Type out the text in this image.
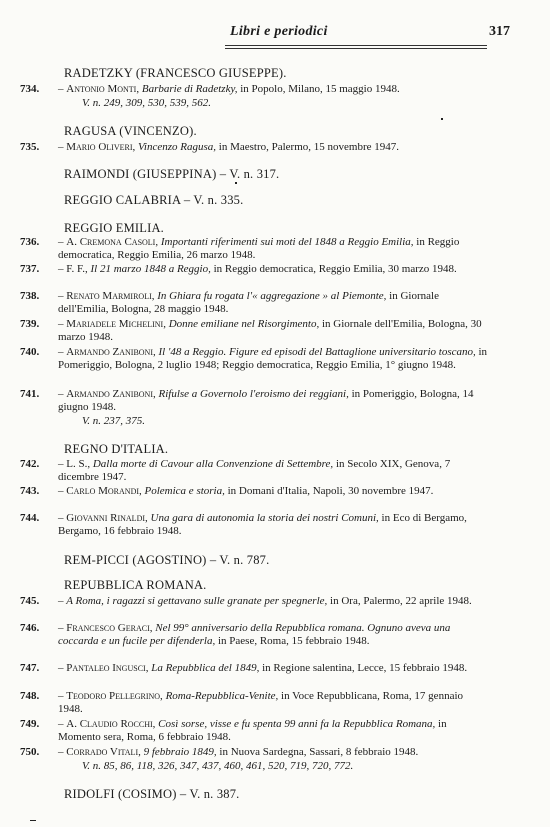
Libri e periodici	317
RADETZKY (FRANCESCO GIUSEPPE).
734.	– Antonio Monti, Barbarie di Radetzky, in Popolo, Milano, 15 maggio 1948.
V. n. 249, 309, 530, 539, 562.
RAGUSA (VINCENZO).
735.	– Mario Oliveri, Vincenzo Ragusa, in Maestro, Palermo, 15 novembre 1947.
RAIMONDI (GIUSEPPINA) – V. n. 317.
REGGIO CALABRIA – V. n. 335.
REGGIO EMILIA.
736.	– A. Cremona Casoli, Importanti riferimenti sui moti del 1848 a Reggio Emilia, in Reggio democratica, Reggio Emilia, 26 marzo 1948.
737.	– F. F., Il 21 marzo 1848 a Reggio, in Reggio democratica, Reggio Emilia, 30 marzo 1948.
738.	– Renato Marmiroli, In Ghiara fu rogata l'« aggregazione » al Piemonte, in Giornale dell'Emilia, Bologna, 28 maggio 1948.
739.	– Mariadele Michelini, Donne emiliane nel Risorgimento, in Giornale dell'Emilia, Bologna, 30 marzo 1948.
740.	– Armando Zaniboni, Il '48 a Reggio. Figure ed episodi del Battaglione universitario toscano, in Pomeriggio, Bologna, 2 luglio 1948; Reggio democratica, Reggio Emilia, 1° giugno 1948.
741.	– Armando Zaniboni, Rifulse a Governolo l'eroismo dei reggiani, in Pomeriggio, Bologna, 14 giugno 1948.
V. n. 237, 375.
REGNO D'ITALIA.
742.	– L. S., Dalla morte di Cavour alla Convenzione di Settembre, in Secolo XIX, Genova, 7 dicembre 1947.
743.	– Carlo Morandi, Polemica e storia, in Domani d'Italia, Napoli, 30 novembre 1947.
744.	– Giovanni Rinaldi, Una gara di autonomia la storia dei nostri Comuni, in Eco di Bergamo, Bergamo, 16 febbraio 1948.
REM-PICCI (AGOSTINO) – V. n. 787.
REPUBBLICA ROMANA.
745.	– A Roma, i ragazzi si gettavano sulle granate per spegnerle, in Ora, Palermo, 22 aprile 1948.
746.	– Francesco Geraci, Nel 99° anniversario della Repubblica romana. Ognuno aveva una coccarda e un fucile per difenderla, in Paese, Roma, 15 febbraio 1948.
747.	– Pantaleo Ingusci, La Repubblica del 1849, in Regione salentina, Lecce, 15 febbraio 1948.
748.	– Teodoro Pellegrino, Roma-Repubblica-Venite, in Voce Repubblicana, Roma, 17 gennaio 1948.
749.	– A. Claudio Rocchi, Così sorse, visse e fu spenta 99 anni fa la Repubblica Romana, in Momento sera, Roma, 6 febbraio 1948.
750.	– Corrado Vitali, 9 febbraio 1849, in Nuova Sardegna, Sassari, 8 febbraio 1948.
V. n. 85, 86, 118, 326, 347, 437, 460, 461, 520, 719, 720, 772.
RIDOLFI (COSIMO) – V. n. 387.
